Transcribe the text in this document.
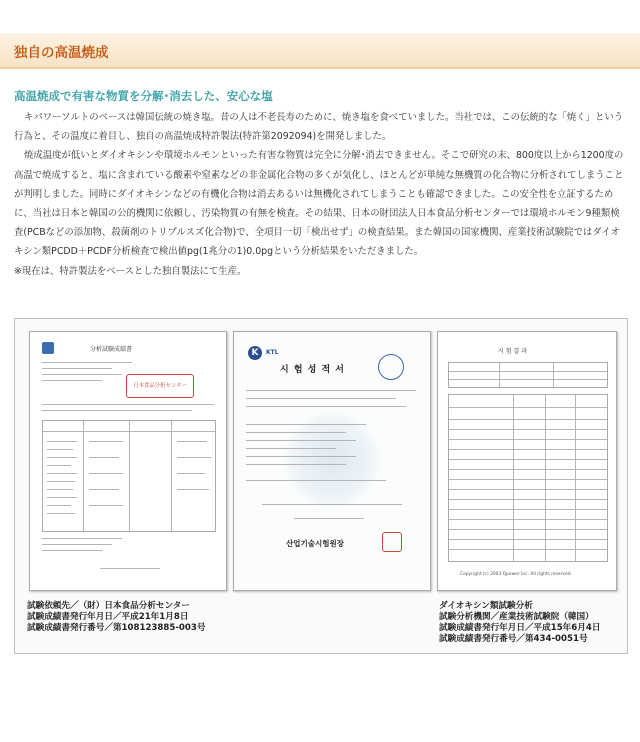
独自の高温焼成
高温焼成で有害な物質を分解･消去した、安心な塩

キパワーソルトのベースは韓国伝統の焼き塩。昔の人は不老長寿のために、焼き塩を食べていました。当社では、この伝統的な「焼く」という行為と、その温度に着目し、独自の高温焼成特許製法(特許第2092094)を開発しました。

焼成温度が低いとダイオキシンや環境ホルモンといった有害な物質は完全に分解･消去できません。そこで研究の末、800度以上から1200度の高温で焼成すると、塩に含まれている酸素や窒素などの非金属化合物の多くが気化し、ほとんどが単純な無機質の化合物に分析されてしまうことが判明しました。同時にダイオキシンなどの有機化合物は消去あるいは無機化されてしまうことも確認できました。この安全性を立証するために、当社は日本と韓国の公的機関に依頼し、汚染物質の有無を検査。その結果、日本の財団法人日本食品分析センターでは環境ホルモン9種類検査(PCBなどの添加物、殺菌剤のトリブルスズ化合物)で、全項目一切「検出せず」の検査結果。また韓国の国家機関、産業技術試験院ではダイオキシン類PCDD＋PCDF分析検査で検出値pg(1兆分の1)0.0pgという分析結果をいただきました。

※現在は、特許製法をベースとした独自製法にて生産。

分析試験成績書
日本食品分析センター
K	KTL
시 험 성 적 서
산업기술시험원장
시 험 결 과
Copyright (c) 2003 Qpower Inc. All rights reserved.
試験依頼先／（財）日本食品分析センター
試験成績書発行年月日／平成21年1月8日
試験成績書発行番号／第108123885-003号
ダイオキシン類試験分析
試験分析機関／産業技術試験院（韓国）
試験成績書発行年月日／平成15年6月4日
試験成績書発行番号／第434-0051号
